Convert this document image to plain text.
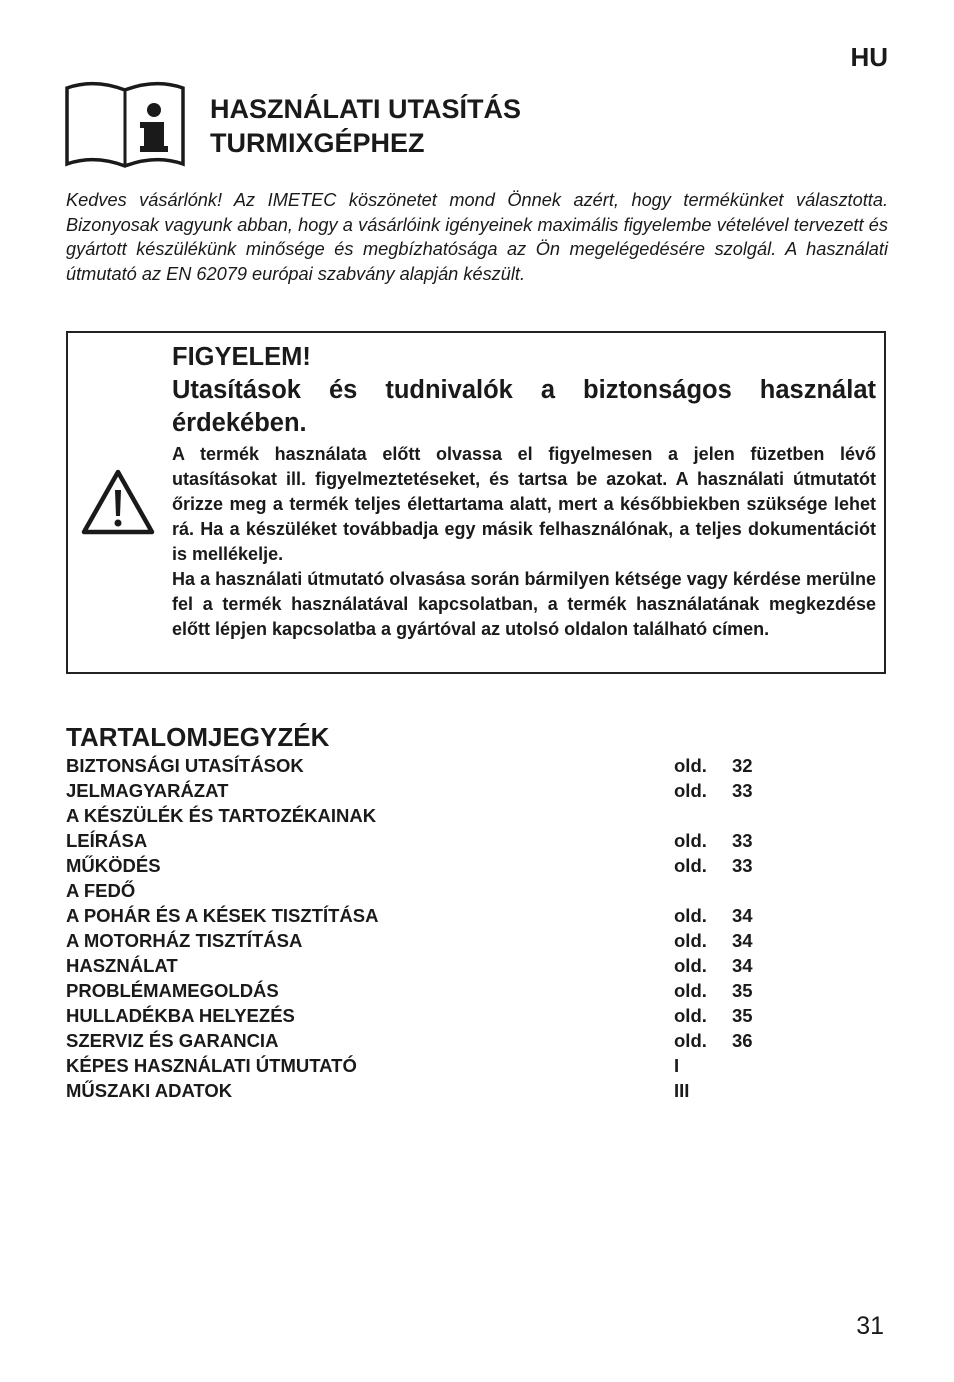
HU
HASZNÁLATI UTASÍTÁS
TURMIXGÉPHEZ
Kedves vásárlónk! Az IMETEC köszönetet mond Önnek azért, hogy termékünket választotta. Bizonyosak vagyunk abban, hogy a vásárlóink igényeinek maximális figyelembe vételével tervezett és gyártott készülékünk minősége és megbízhatósága az Ön megelégedésére szolgál. A használati útmutató az EN 62079 európai szabvány alapján készült.
FIGYELEM!
Utasítások és tudnivalók a biztonságos használat érdekében.

A termék használata előtt olvassa el figyelmesen a jelen füzetben lévő utasításokat ill. figyelmeztetéseket, és tartsa be azokat. A használati útmutatót őrizze meg a termék teljes élettartama alatt, mert a későbbiekben szüksége lehet rá. Ha a készüléket továbbadja egy másik felhasználónak, a teljes dokumentációt is mellékelje.

Ha a használati útmutató olvasása során bármilyen kétsége vagy kérdése merülne fel a termék használatával kapcsolatban, a termék használatának megkezdése előtt lépjen kapcsolatba a gyártóval az utolsó oldalon található címen.

TARTALOMJEGYZÉK
BIZTONSÁGI UTASÍTÁSOK	old. 32
JELMAGYARÁZAT	old. 33
A KÉSZÜLÉK ÉS TARTOZÉKAINAK
LEÍRÁSA	old. 33
MŰKÖDÉS	old. 33
A FEDŐ
A POHÁR ÉS A KÉSEK TISZTÍTÁSA	old. 34
A MOTORHÁZ TISZTÍTÁSA	old. 34
HASZNÁLAT	old. 34
PROBLÉMAMEGOLDÁS	old. 35
HULLADÉKBA HELYEZÉS	old. 35
SZERVIZ ÉS GARANCIA	old. 36
KÉPES HASZNÁLATI ÚTMUTATÓ	I
MŰSZAKI ADATOK	III
31
